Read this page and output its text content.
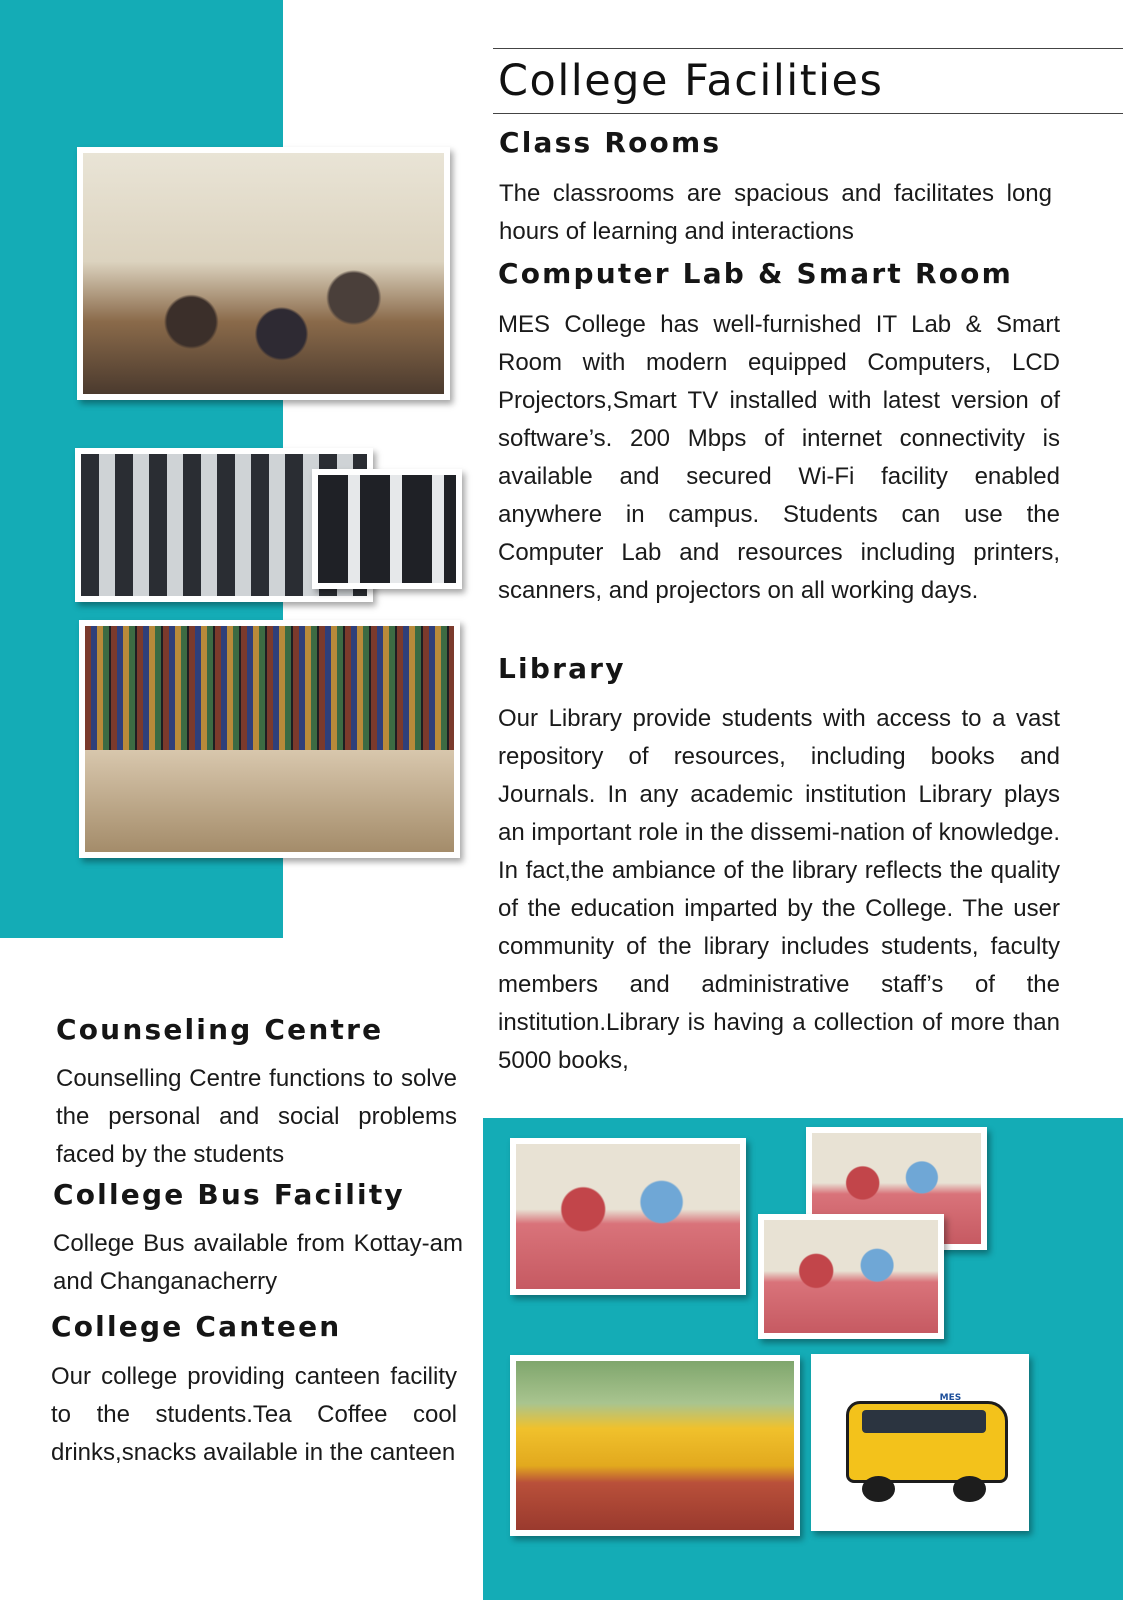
College Facilities
Class Rooms

The classrooms are spacious and facilitates long hours of learning and interactions

Computer Lab & Smart Room

MES College has well-furnished IT Lab & Smart Room with modern equipped Computers, LCD Projectors,Smart TV installed with latest version of software’s. 200 Mbps of internet connectivity is available and secured Wi-Fi facility enabled anywhere in campus. Students can use the Computer Lab and resources including printers, scanners, and projectors on all working days.

Library

Our Library provide students with access to a vast repository of resources, including books and Journals. In any academic institution Library plays an important role in the dissemi-nation of knowledge. In fact,the ambiance of the library reflects the quality of the education imparted by the College. The user community of the library includes students, faculty members and administrative staff’s of the institution.Library is having a collection of more than 5000 books,

Counseling Centre

Counselling Centre functions to solve the personal and social problems faced by the students

College Bus Facility

College Bus available from Kottay-am and Changanacherry

College Canteen

Our college providing canteen facility to the students.Tea Coffee cool drinks,snacks available in the canteen

MES
